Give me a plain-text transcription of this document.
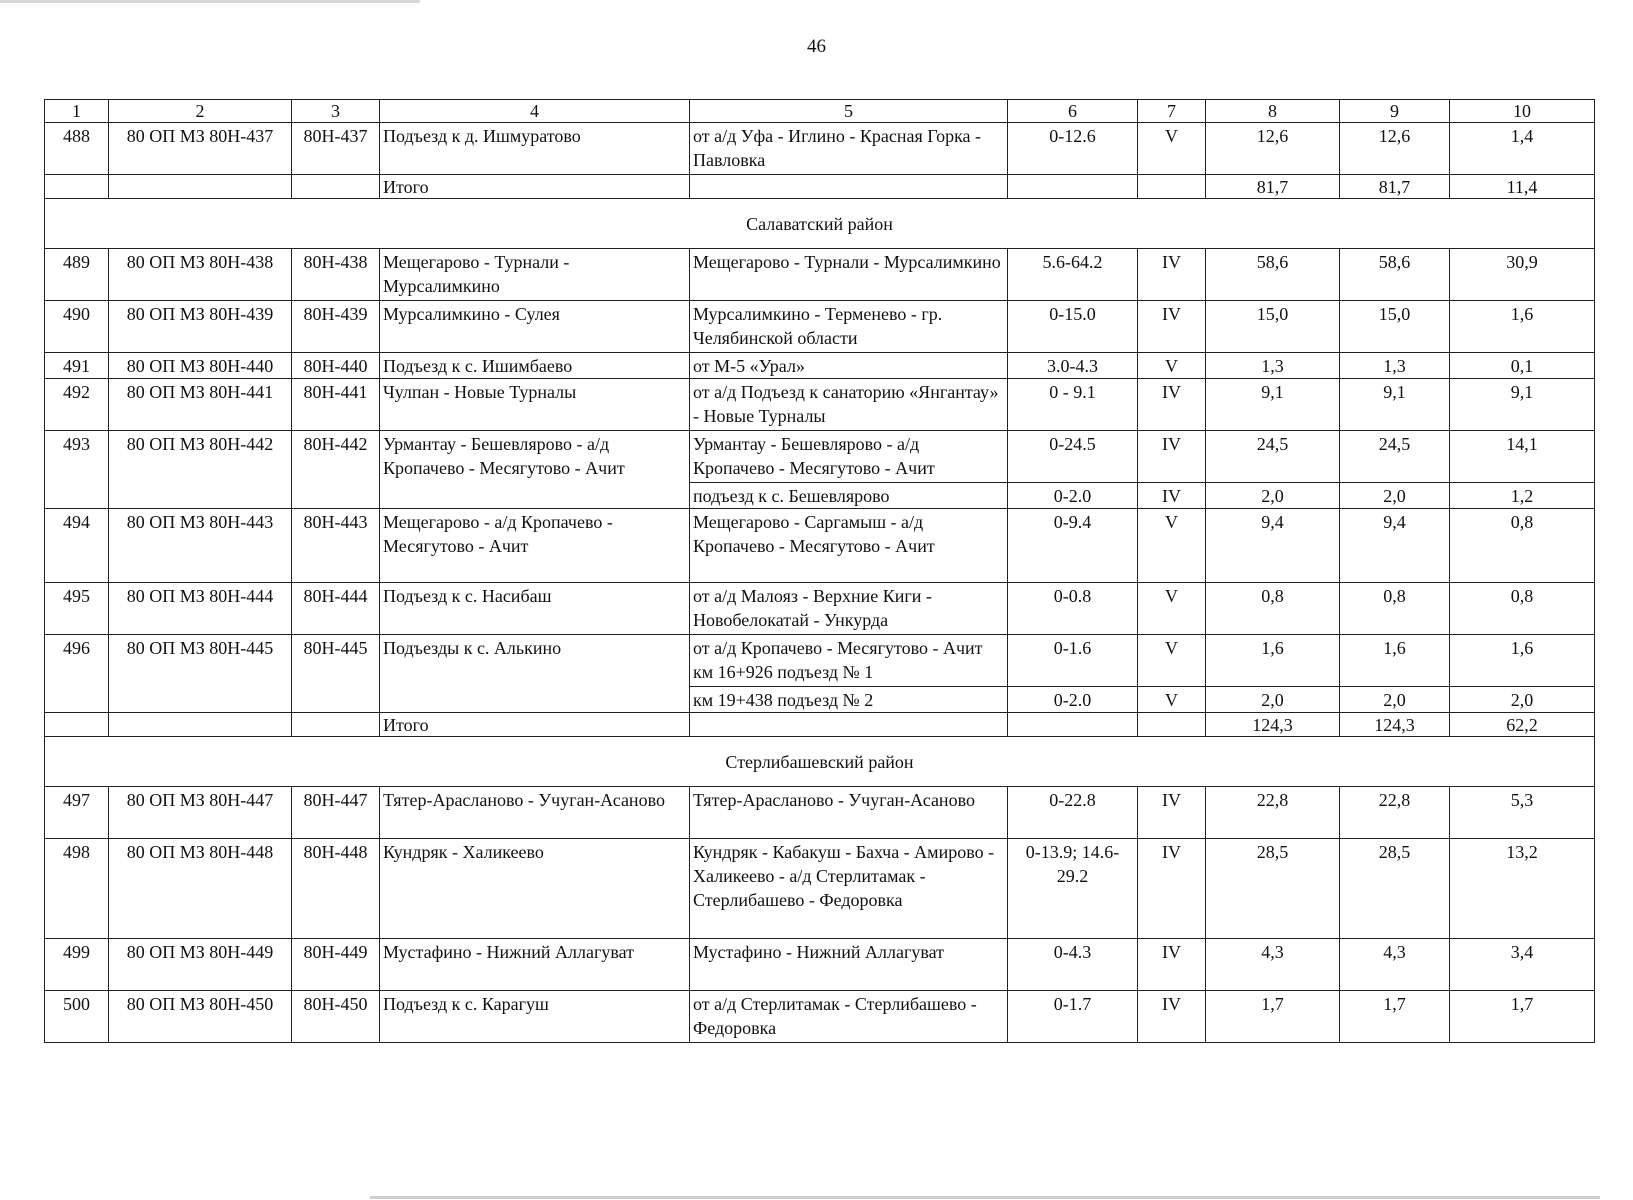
46
1	2	3	4	5	6	7	8	9	10
488	80 ОП МЗ 80Н-437	80Н-437	Подъезд к д. Ишмуратово	от а/д Уфа - Иглино - Красная Горка - Павловка	0-12.6	V	12,6	12,6	1,4
			Итого				81,7	81,7	11,4
Салаватский район									
489	80 ОП МЗ 80Н-438	80Н-438	Мещегарово - Турнали - Мурсалимкино	Мещегарово - Турнали - Мурсалимкино	5.6-64.2	IV	58,6	58,6	30,9
490	80 ОП МЗ 80Н-439	80Н-439	Мурсалимкино - Сулея	Мурсалимкино - Терменево - гр. Челябинской области	0-15.0	IV	15,0	15,0	1,6
491	80 ОП МЗ 80Н-440	80Н-440	Подъезд к с. Ишимбаево	от М-5 «Урал»	3.0-4.3	V	1,3	1,3	0,1
492	80 ОП МЗ 80Н-441	80Н-441	Чулпан - Новые Турналы	от а/д Подъезд к санаторию «Янгантау» - Новые Турналы	0 - 9.1	IV	9,1	9,1	9,1
493	80 ОП МЗ 80Н-442	80Н-442	Урмантау - Бешевлярово - а/д Кропачево - Месягутово - Ачит	Урмантау - Бешевлярово - а/д Кропачево - Месягутово - Ачит	0-24.5	IV	24,5	24,5	14,1
				подъезд к с. Бешевлярово	0-2.0	IV	2,0	2,0	1,2
494	80 ОП МЗ 80Н-443	80Н-443	Мещегарово - а/д Кропачево - Месягутово - Ачит	Мещегарово - Саргамыш - а/д Кропачево - Месягутово - Ачит	0-9.4	V	9,4	9,4	0,8
495	80 ОП МЗ 80Н-444	80Н-444	Подъезд к с. Насибаш	от а/д Малояз - Верхние Киги - Новобелокатай - Ункурда	0-0.8	V	0,8	0,8	0,8
496	80 ОП МЗ 80Н-445	80Н-445	Подъезды к с. Алькино	от а/д Кропачево - Месягутово - Ачит км 16+926 подъезд № 1	0-1.6	V	1,6	1,6	1,6
				км 19+438 подъезд № 2	0-2.0	V	2,0	2,0	2,0
			Итого				124,3	124,3	62,2
Стерлибашевский район									
497	80 ОП МЗ 80Н-447	80Н-447	Тятер-Арасланово - Учуган-Асаново	Тятер-Арасланово - Учуган-Асаново	0-22.8	IV	22,8	22,8	5,3
498	80 ОП МЗ 80Н-448	80Н-448	Кундряк - Халикеево	Кундряк - Кабакуш - Бахча - Амирово - Халикеево - а/д Стерлитамак - Стерлибашево - Федоровка	0-13.9; 14.6-29.2	IV	28,5	28,5	13,2
499	80 ОП МЗ 80Н-449	80Н-449	Мустафино - Нижний Аллагуват	Мустафино - Нижний Аллагуват	0-4.3	IV	4,3	4,3	3,4
500	80 ОП МЗ 80Н-450	80Н-450	Подъезд к с. Карагуш	от а/д Стерлитамак - Стерлибашево - Федоровка	0-1.7	IV	1,7	1,7	1,7
